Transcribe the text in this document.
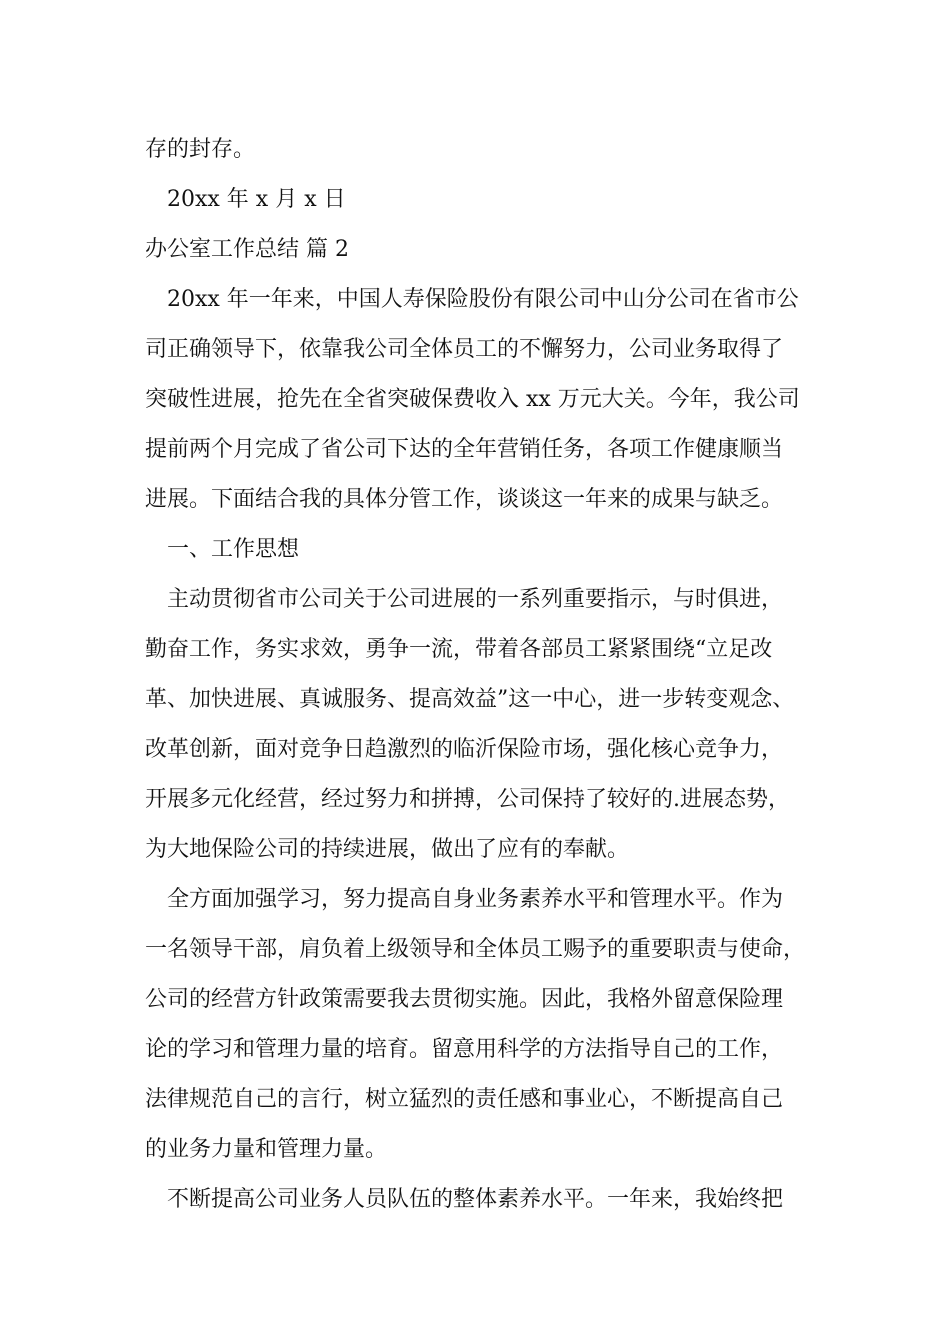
存的封存。
20xx 年 x 月 x 日
办公室工作总结 篇 2
20xx 年一年来，中国人寿保险股份有限公司中山分公司在省市公
司正确领导下，依靠我公司全体员工的不懈努力，公司业务取得了
突破性进展，抢先在全省突破保费收入 xx 万元大关。今年，我公司
提前两个月完成了省公司下达的全年营销任务，各项工作健康顺当
进展。下面结合我的具体分管工作，谈谈这一年来的成果与缺乏。
一、工作思想
主动贯彻省市公司关于公司进展的一系列重要指示，与时俱进，
勤奋工作，务实求效，勇争一流，带着各部员工紧紧围绕“立足改
革、加快进展、真诚服务、提高效益”这一中心，进一步转变观念、
改革创新，面对竞争日趋激烈的临沂保险市场，强化核心竞争力，
开展多元化经营，经过努力和拼搏，公司保持了较好的.进展态势，
为大地保险公司的持续进展，做出了应有的奉献。
全方面加强学习，努力提高自身业务素养水平和管理水平。作为
一名领导干部，肩负着上级领导和全体员工赐予的重要职责与使命，
公司的经营方针政策需要我去贯彻实施。因此，我格外留意保险理
论的学习和管理力量的培育。留意用科学的方法指导自己的工作，
法律规范自己的言行，树立猛烈的责任感和事业心，不断提高自己
的业务力量和管理力量。
不断提高公司业务人员队伍的整体素养水平。一年来，我始终把
